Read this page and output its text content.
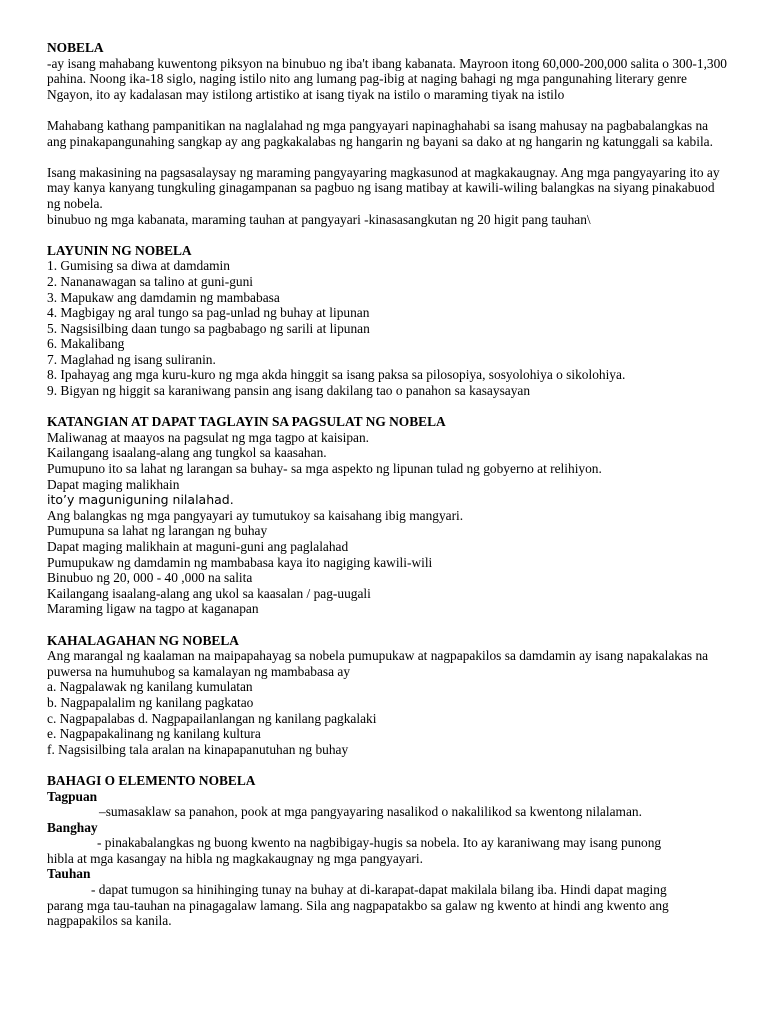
NOBELA

-ay isang mahabang kuwentong piksyon na binubuo ng iba't ibang kabanata. Mayroon itong 60,000-200,000 salita o 300-1,300 pahina. Noong ika-18 siglo, naging istilo nito ang lumang pag-ibig at naging bahagi ng mga pangunahing literary genre

Ngayon, ito ay kadalasan may istilong artistiko at isang tiyak na istilo o maraming tiyak na istilo

Mahabang kathang pampanitikan na naglalahad ng mga pangyayari napinaghahabi sa isang mahusay na pagbabalangkas na ang pinakapangunahing sangkap ay ang pagkakalabas ng hangarin ng bayani sa dako at ng hangarin ng katunggali sa kabila.

Isang makasining na pagsasalaysay ng maraming pangyayaring magkasunod at magkakaugnay. Ang mga pangyayaring ito ay may kanya kanyang tungkuling ginagampanan sa pagbuo ng isang matibay at kawili-wiling balangkas na siyang pinakabuod ng nobela.

binubuo ng mga kabanata, maraming tauhan at pangyayari -kinasasangkutan ng 20 higit pang tauhan\

LAYUNIN NG NOBELA

1. Gumising sa diwa at damdamin
2. Nananawagan sa talino at guni-guni
3. Mapukaw ang damdamin ng mambabasa
4. Magbigay ng aral tungo sa pag-unlad ng buhay at lipunan
5. Nagsisilbing daan tungo sa pagbabago ng sarili at lipunan
6. Makalibang
7. Maglahad ng isang suliranin.
8. Ipahayag ang mga kuru-kuro ng mga akda hinggit sa isang paksa sa pilosopiya, sosyolohiya o sikolohiya.
9. Bigyan ng higgit sa karaniwang pansin ang isang dakilang tao o panahon sa kasaysayan

KATANGIAN AT DAPAT TAGLAYIN SA PAGSULAT NG NOBELA

Maliwanag at maayos na pagsulat ng mga tagpo at kaisipan.
Kailangang isaalang-alang ang tungkol sa kaasahan.
Pumupuno ito sa lahat ng larangan sa buhay- sa mga aspekto ng lipunan tulad ng gobyerno at relihiyon.
Dapat maging malikhain
ito’y maguniguning nilalahad.
Ang balangkas ng mga pangyayari ay tumutukoy sa kaisahang ibig mangyari.
Pumupuna sa lahat ng larangan ng buhay
Dapat maging malikhain at maguni-guni ang paglalahad
Pumupukaw ng damdamin ng mambabasa kaya ito nagiging kawili-wili
Binubuo ng 20, 000 - 40 ,000 na salita
Kailangang isaalang-alang ang ukol sa kaasalan / pag-uugali
Maraming ligaw na tagpo at kaganapan

KAHALAGAHAN NG NOBELA

Ang marangal ng kaalaman na maipapahayag sa nobela pumupukaw at nagpapakilos sa damdamin ay isang napakalakas na puwersa na humuhubog sa kamalayan ng mambabasa ay

a. Nagpalawak ng kanilang kumulatan
b. Nagpapalalim ng kanilang pagkatao
c. Nagpapalabas d. Nagpapailanlangan ng kanilang pagkalaki
e. Nagpapakalinang ng kanilang kultura
f. Nagsisilbing tala aralan na kinapapanutuhan ng buhay

BAHAGI O ELEMENTO NOBELA

Tagpuan

–sumasaklaw sa panahon, pook at mga pangyayaring nasalikod o nakalilikod sa kwentong nilalaman.

Banghay

- pinakabalangkas ng buong kwento na nagbibigay-hugis sa nobela. Ito ay karaniwang may isang punong
hibla at mga kasangay na hibla ng magkakaugnay ng mga pangyayari.

Tauhan

- dapat tumugon sa hinihinging tunay na buhay at di-karapat-dapat makilala bilang iba. Hindi dapat maging
parang mga tau-tauhan na pinagagalaw lamang. Sila ang nagpapatakbo sa galaw ng kwento at hindi ang kwento ang nagpapakilos sa kanila.
